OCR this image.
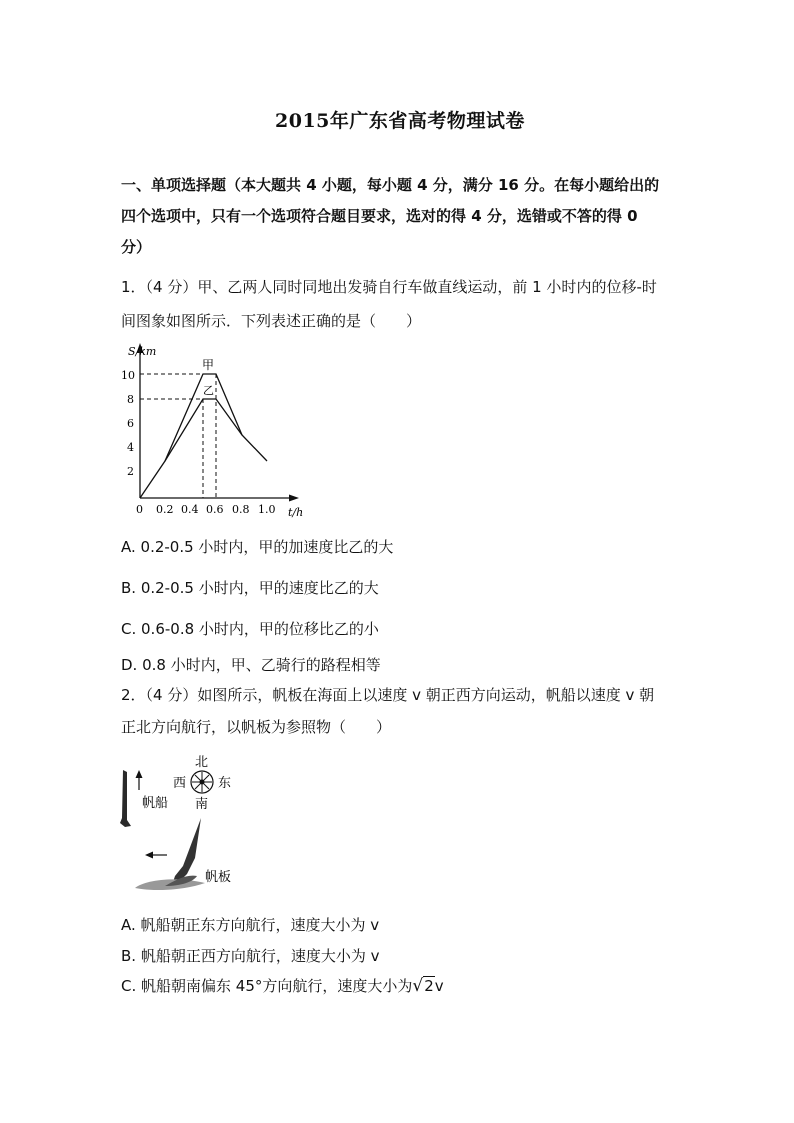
2015年广东省高考物理试卷
一、单项选择题（本大题共 4 小题，每小题 4 分，满分 16 分。在每小题给出的
四个选项中，只有一个选项符合题目要求，选对的得 4 分，选错或不答的得 0
分）
1．（4 分）甲、乙两人同时同地出发骑自行车做直线运动，前 1 小时内的位移-时
间图象如图所示．下列表述正确的是（　　）
S/km
t/h
10
8
6
4
2
0 0.2 0.4 0.6 0.8 1.0
甲
乙
A. 0.2-0.5 小时内，甲的加速度比乙的大
B. 0.2-0.5 小时内，甲的速度比乙的大
C. 0.6-0.8 小时内，甲的位移比乙的小
D. 0.8 小时内，甲、乙骑行的路程相等
2．（4 分）如图所示，帆板在海面上以速度 v 朝正西方向运动，帆船以速度 v 朝
正北方向航行，以帆板为参照物（　　）
帆船
北
南
西 东
帆板
A. 帆船朝正东方向航行，速度大小为 v
B. 帆船朝正西方向航行，速度大小为 v
C. 帆船朝南偏东 45°方向航行，速度大小为√2v
